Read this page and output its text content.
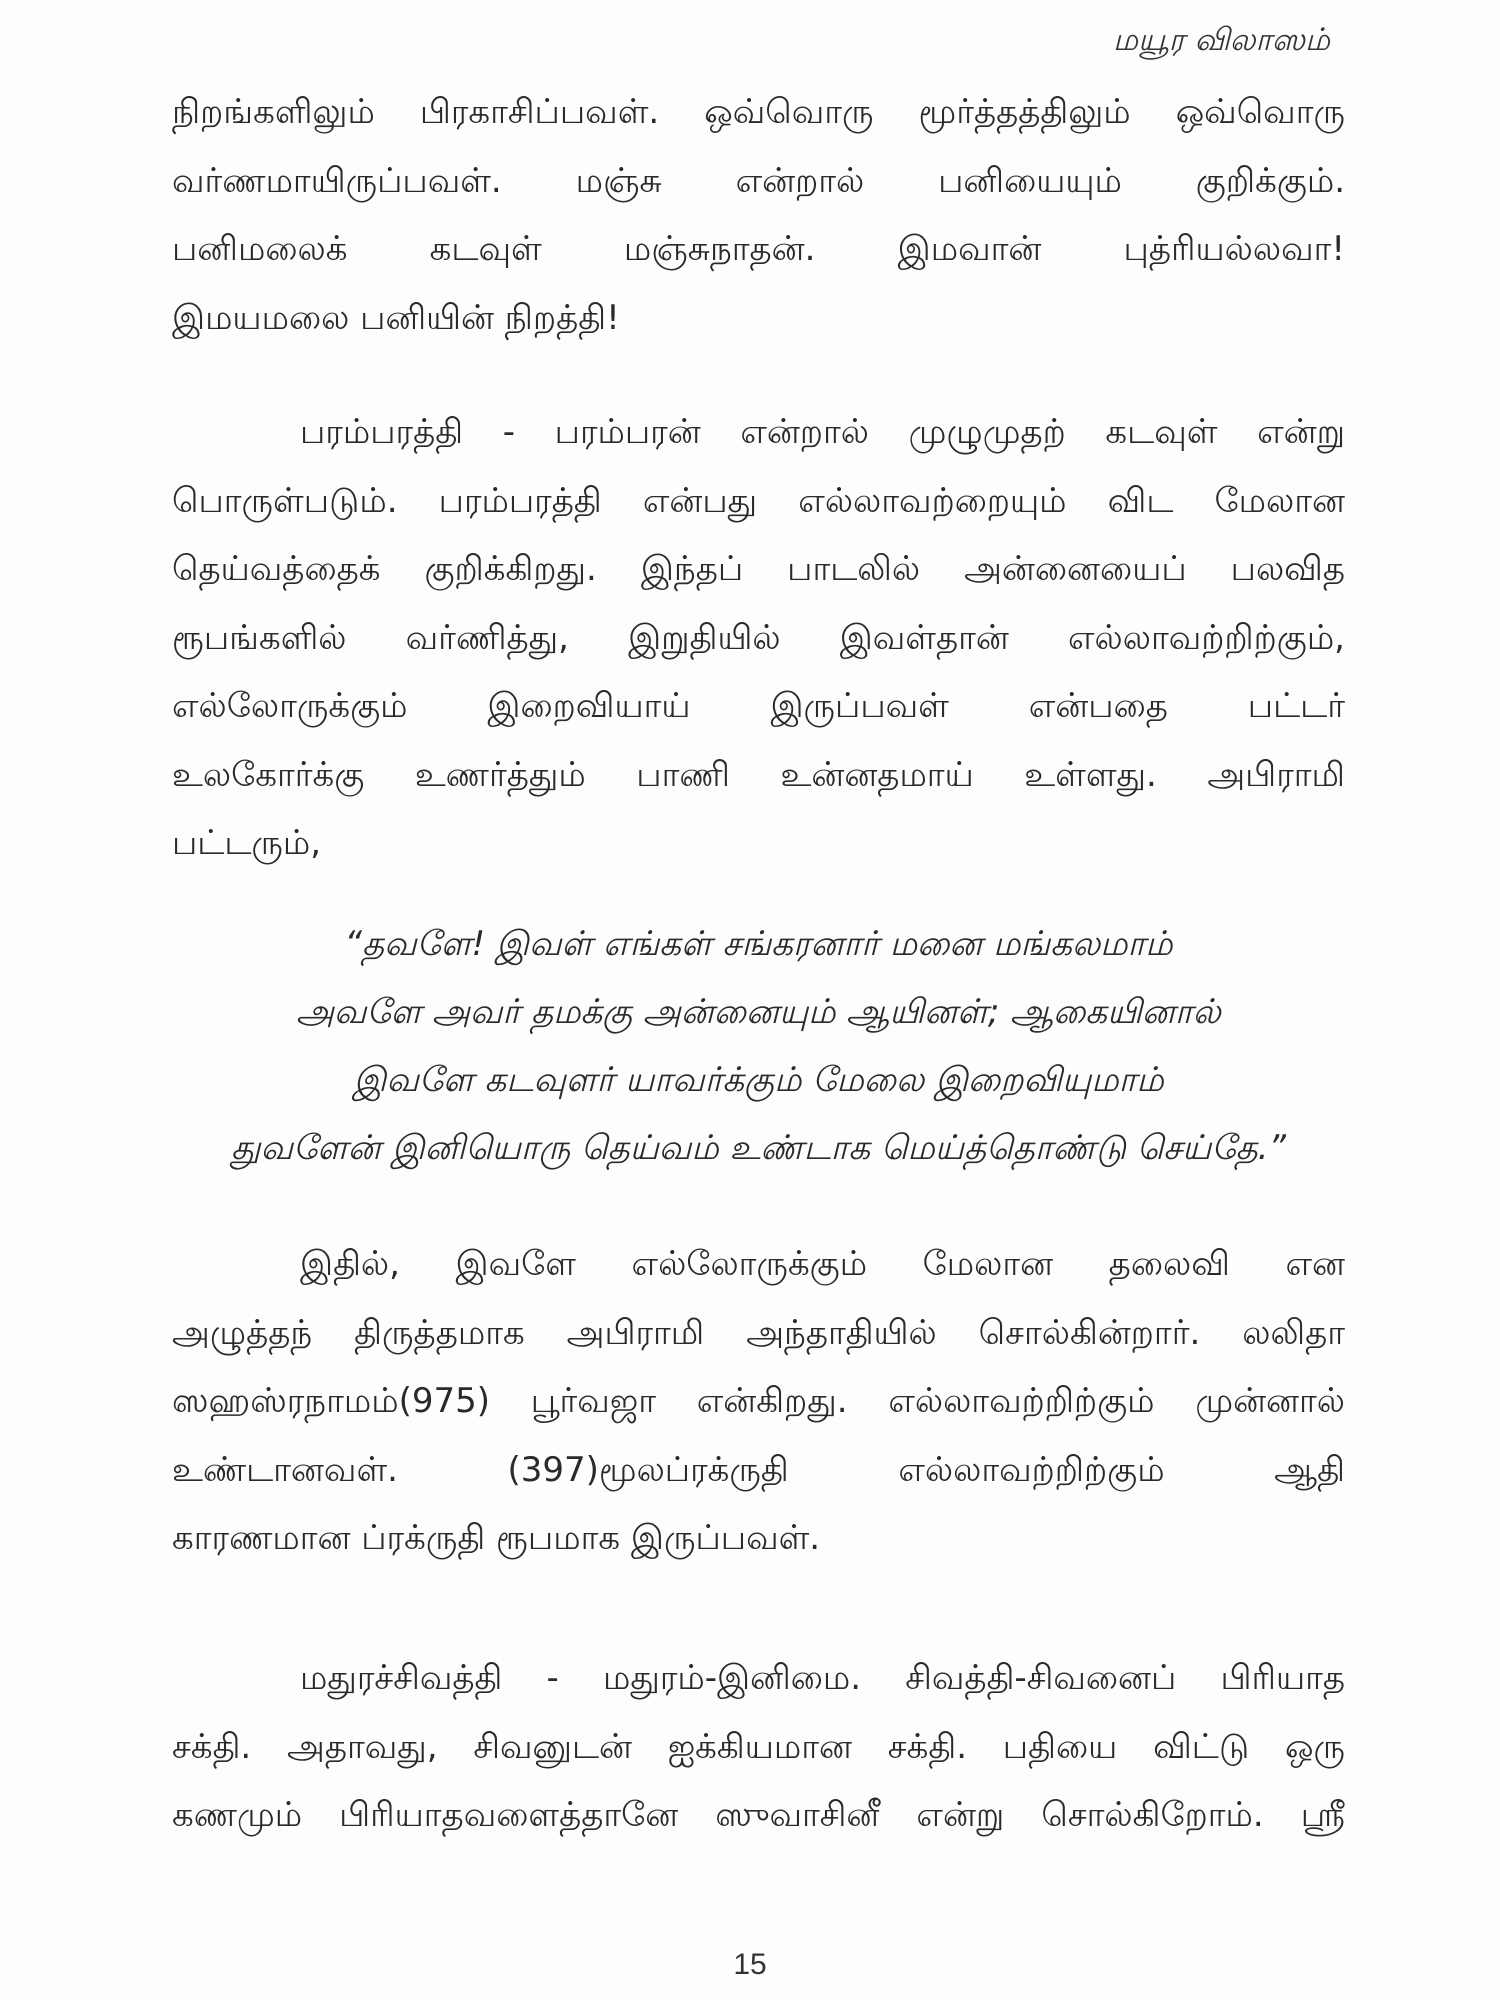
மயூர விலாஸம்

நிறங்களிலும் பிரகாசிப்பவள். ஒவ்வொரு மூர்த்தத்திலும் ஒவ்வொரு
வர்ணமாயிருப்பவள். மஞ்சு என்றால் பனியையும் குறிக்கும்.
பனிமலைக் கடவுள் மஞ்சுநாதன். இமவான் புத்ரியல்லவா!
இமயமலை பனியின் நிறத்தி!

பரம்பரத்தி - பரம்பரன் என்றால் முழுமுதற் கடவுள் என்று
பொருள்படும். பரம்பரத்தி என்பது எல்லாவற்றையும் விட மேலான
தெய்வத்தைக் குறிக்கிறது. இந்தப் பாடலில் அன்னையைப் பலவித
ரூபங்களில் வர்ணித்து, இறுதியில் இவள்தான் எல்லாவற்றிற்கும்,
எல்லோருக்கும் இறைவியாய் இருப்பவள் என்பதை பட்டர்
உலகோர்க்கு உணர்த்தும் பாணி உன்னதமாய் உள்ளது. அபிராமி
பட்டரும்,

“தவளே! இவள் எங்கள் சங்கரனார் மனை மங்கலமாம்
அவளே அவர் தமக்கு அன்னையும் ஆயினள்; ஆகையினால்
இவளே கடவுளர் யாவர்க்கும் மேலை இறைவியுமாம்
துவளேன் இனியொரு தெய்வம் உண்டாக மெய்த்தொண்டு செய்தே.”

இதில், இவளே எல்லோருக்கும் மேலான தலைவி என
அழுத்தந் திருத்தமாக அபிராமி அந்தாதியில் சொல்கின்றார். லலிதா
ஸஹஸ்ரநாமம்(975) பூர்வஜா என்கிறது. எல்லாவற்றிற்கும் முன்னால்
உண்டானவள். (397)மூலப்ரக்ருதி எல்லாவற்றிற்கும் ஆதி
காரணமான ப்ரக்ருதி ரூபமாக இருப்பவள்.

மதுரச்சிவத்தி - மதுரம்-இனிமை. சிவத்தி-சிவனைப் பிரியாத
சக்தி. அதாவது, சிவனுடன் ஐக்கியமான சக்தி. பதியை விட்டு ஒரு
கணமும் பிரியாதவளைத்தானே ஸுவாசினீ என்று சொல்கிறோம். ஸ்ரீ

15
